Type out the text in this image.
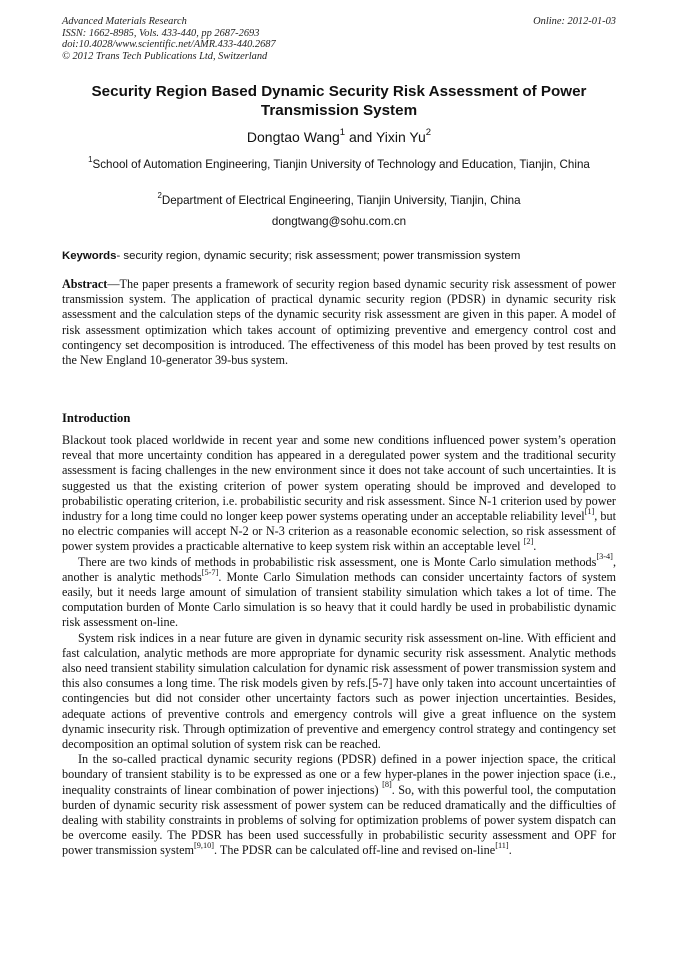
Advanced Materials Research
ISSN: 1662-8985, Vols. 433-440, pp 2687-2693
doi:10.4028/www.scientific.net/AMR.433-440.2687
© 2012 Trans Tech Publications Ltd, Switzerland
Online: 2012-01-03
Security Region Based Dynamic Security Risk Assessment of Power Transmission System
Dongtao Wang$^1$ and Yixin Yu$^2$
$^1$School of Automation Engineering, Tianjin University of Technology and Education, Tianjin, China
$^2$Department of Electrical Engineering, Tianjin University, Tianjin, China
dongtwang@sohu.com.cn
Keywords- security region, dynamic security; risk assessment; power transmission system
Abstract—The paper presents a framework of security region based dynamic security risk assessment of power transmission system. The application of practical dynamic security region (PDSR) in dynamic security risk assessment and the calculation steps of the dynamic security risk assessment are given in this paper. A model of risk assessment optimization which takes account of optimizing preventive and emergency control cost and contingency set decomposition is introduced. The effectiveness of this model has been proved by test results on the New England 10-generator 39-bus system.
Introduction

Blackout took placed worldwide in recent year and some new conditions influenced power system’s operation reveal that more uncertainty condition has appeared in a deregulated power system and the traditional security assessment is facing challenges in the new environment since it does not take account of such uncertainties. It is suggested us that the existing criterion of power system operating should be improved and developed to probabilistic operating criterion, i.e. probabilistic security and risk assessment. Since N-1 criterion used by power industry for a long time could no longer keep power systems operating under an acceptable reliability level[1], but no electric companies will accept N-2 or N-3 criterion as a reasonable economic selection, so risk assessment of power system provides a practicable alternative to keep system risk within an acceptable level [2].

There are two kinds of methods in probabilistic risk assessment, one is Monte Carlo simulation methods[3-4], another is analytic methods[5-7]. Monte Carlo Simulation methods can consider uncertainty factors of system easily, but it needs large amount of simulation of transient stability simulation which takes a lot of time. The computation burden of Monte Carlo simulation is so heavy that it could hardly be used in probabilistic dynamic risk assessment on-line.

System risk indices in a near future are given in dynamic security risk assessment on-line. With efficient and fast calculation, analytic methods are more appropriate for dynamic security risk assessment. Analytic methods also need transient stability simulation calculation for dynamic risk assessment of power transmission system and this also consumes a long time. The risk models given by refs.[5-7] have only taken into account uncertainties of contingencies but did not consider other uncertainty factors such as power injection uncertainties. Besides, adequate actions of preventive controls and emergency controls will give a great influence on the system dynamic insecurity risk. Through optimization of preventive and emergency control strategy and contingency set decomposition an optimal solution of system risk can be reached.

In the so-called practical dynamic security regions (PDSR) defined in a power injection space, the critical boundary of transient stability is to be expressed as one or a few hyper-planes in the power injection space (i.e., inequality constraints of linear combination of power injections) [8]. So, with this powerful tool, the computation burden of dynamic security risk assessment of power system can be reduced dramatically and the difficulties of dealing with stability constraints in problems of solving for optimization problems of power system dispatch can be overcome easily. The PDSR has been used successfully in probabilistic security assessment and OPF for power transmission system[9,10]. The PDSR can be calculated off-line and revised on-line[11].
